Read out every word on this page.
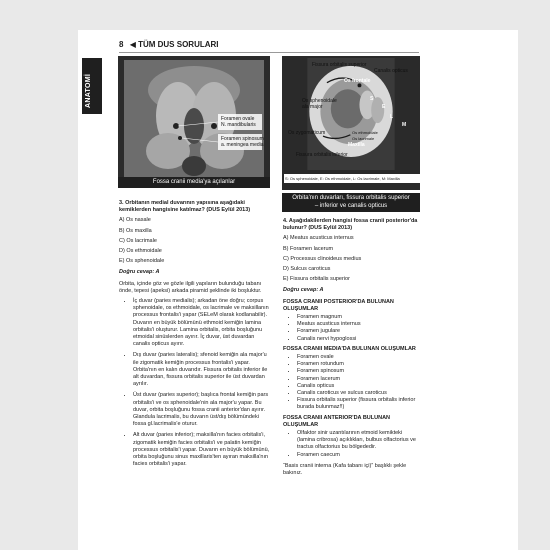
ANATOMİ
8 ◀ TÜM DUS SORULARI
Foramen ovale
N. mandibularis
Foramen spinosum
a. meningea media
Fossa cranii media'ya açılanlar
Fissura orbitalis superior
Canalis opticus
Os frontale
Os sphenoidale ala major
S
E
L
M
Os zygomaticum	Os ethmoidale
Os lacrimale
Maxilla
Fissura orbitalis inferior
S: Os sphenoidale, E: Os ethmoidale, L: Os lacrimale, M: Maxilla
Orbita'nın duvarları, fissura orbitalis superior
– inferior ve canalis opticus

3. Orbitanın medial duvarının yapısına aşağıdaki kemiklerden hangisine katılmaz? (DUS Eylül 2013)

A) Os nasale

B) Os maxilla

C) Os lacrimale

D) Os ethmoidale

E) Os sphenoidale

Doğru cevap: A

Orbita, içinde göz ve gözle ilgili yapıların bulunduğu tabanı önde, tepesi (apeksi) arkada piramid şeklinde iki boşluktur.

• İç duvar (paries medialis); arkadan öne doğru; corpus sphenoidale, os ethmoidale, os lacrimale ve maksillanın processus frontalis'i yapar (SELeM olarak kodlanabilir). Duvarın en büyük bölümünü ethmoid kemiğin lamina orbitalis'i oluşturur. Lamina orbitalis, orbita boşluğunu etmoidal sinüslerden ayırır. İç duvar, üst duvardan canalis opticus ayırır.
• Dış duvar (paries lateralis); sfenoid kemiğin ala major'u ile zigomatik kemiğin processus frontalis'i yapar. Orbita'nın en kalın duvarıdır. Fissura orbitalis inferior ile alt duvardan, fissura orbitalis superior ile üst duvardan ayrılır.
• Üst duvar (paries superior); başlıca frontal kemiğin pars orbitalis'i ve os sphenoidale'nin ala major'u yapar. Bu duvar, orbita boşluğunu fossa cranii anterior'dan ayırır. Glandula lacrimalis, bu duvarın üst/dış bölümündeki fossa gl.lacrimalis'e oturur.
• Alt duvar (paries inferior); maksilla'nın facies orbitalis'i, zigomatik kemiğin facies orbitalis'i ve palatin kemiğin processus orbitalis'i yapar. Duvarın en büyük bölümünü, orbita boşluğunu sinus maxillaris'ten ayıran maksilla'nın facies orbitalis'i yapar.

4. Aşağıdakilerden hangisi fossa cranii posterior'da bulunur? (DUS Eylül 2013)

A) Meatus acusticus internus

B) Foramen lacerum

C) Processus clinoideus medius

D) Sulcus caroticus

E) Fissura orbitalis superior

Doğru cevap: A

FOSSA CRANII POSTERIOR'DA BULUNAN OLUŞUMLAR
• Foramen magnum
• Meatus acusticus internus
• Foramen jugulare
• Canalis nervi hypoglossi
FOSSA CRANII MEDIA'DA BULUNAN OLUŞUMLAR
• Foramen ovale
• Foramen rotundum
• Foramen spinosum
• Foramen lacerum
• Canalis opticus
• Canalis caroticus ve sulcus caroticus
• Fissura orbitalis superior (fissura orbitalis inferior burada bulunmaz!!)
FOSSA CRANII ANTERIOR'DA BULUNAN OLUŞUMLAR
• Olfaktor sinir uzantılarının etmoid kemikteki (lamina cribrosa) açıklıkları, bulbus olfactorius ve tractus olfactorius bu bölgededir.
• Foramen caecum

“Basis cranii interna (Kafa tabanı içi)” başlıklı şekle bakınız.
